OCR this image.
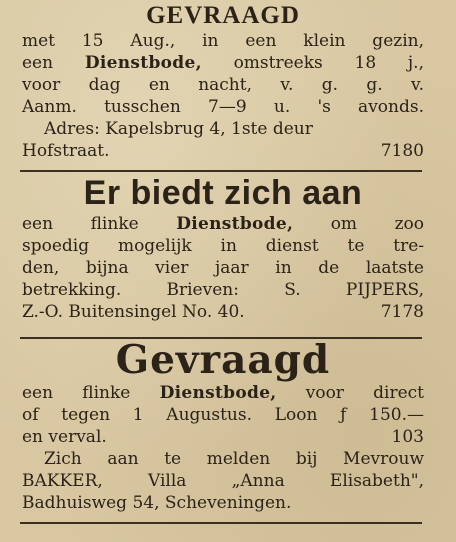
GEVRAAGD
met 15 Aug., in een klein gezin,
een Dienstbode, omstreeks 18 j.,
voor dag en nacht, v. g. g. v.
Aanm. tusschen 7—9 u. 's avonds.
Adres: Kapelsbrug 4, 1ste deur
Hofstraat.	7180
Er biedt zich aan
een flinke Dienstbode, om zoo
spoedig mogelijk in dienst te tre-
den, bijna vier jaar in de laatste
betrekking. Brieven: S. PIJPERS,
Z.-O. Buitensingel No. 40.	7178
Gevraagd
een flinke Dienstbode, voor direct
of tegen 1 Augustus. Loon ƒ 150.—
en verval.	103
Zich aan te melden bij Mevrouw
BAKKER, Villa „Anna Elisabeth",
Badhuisweg 54, Scheveningen.
